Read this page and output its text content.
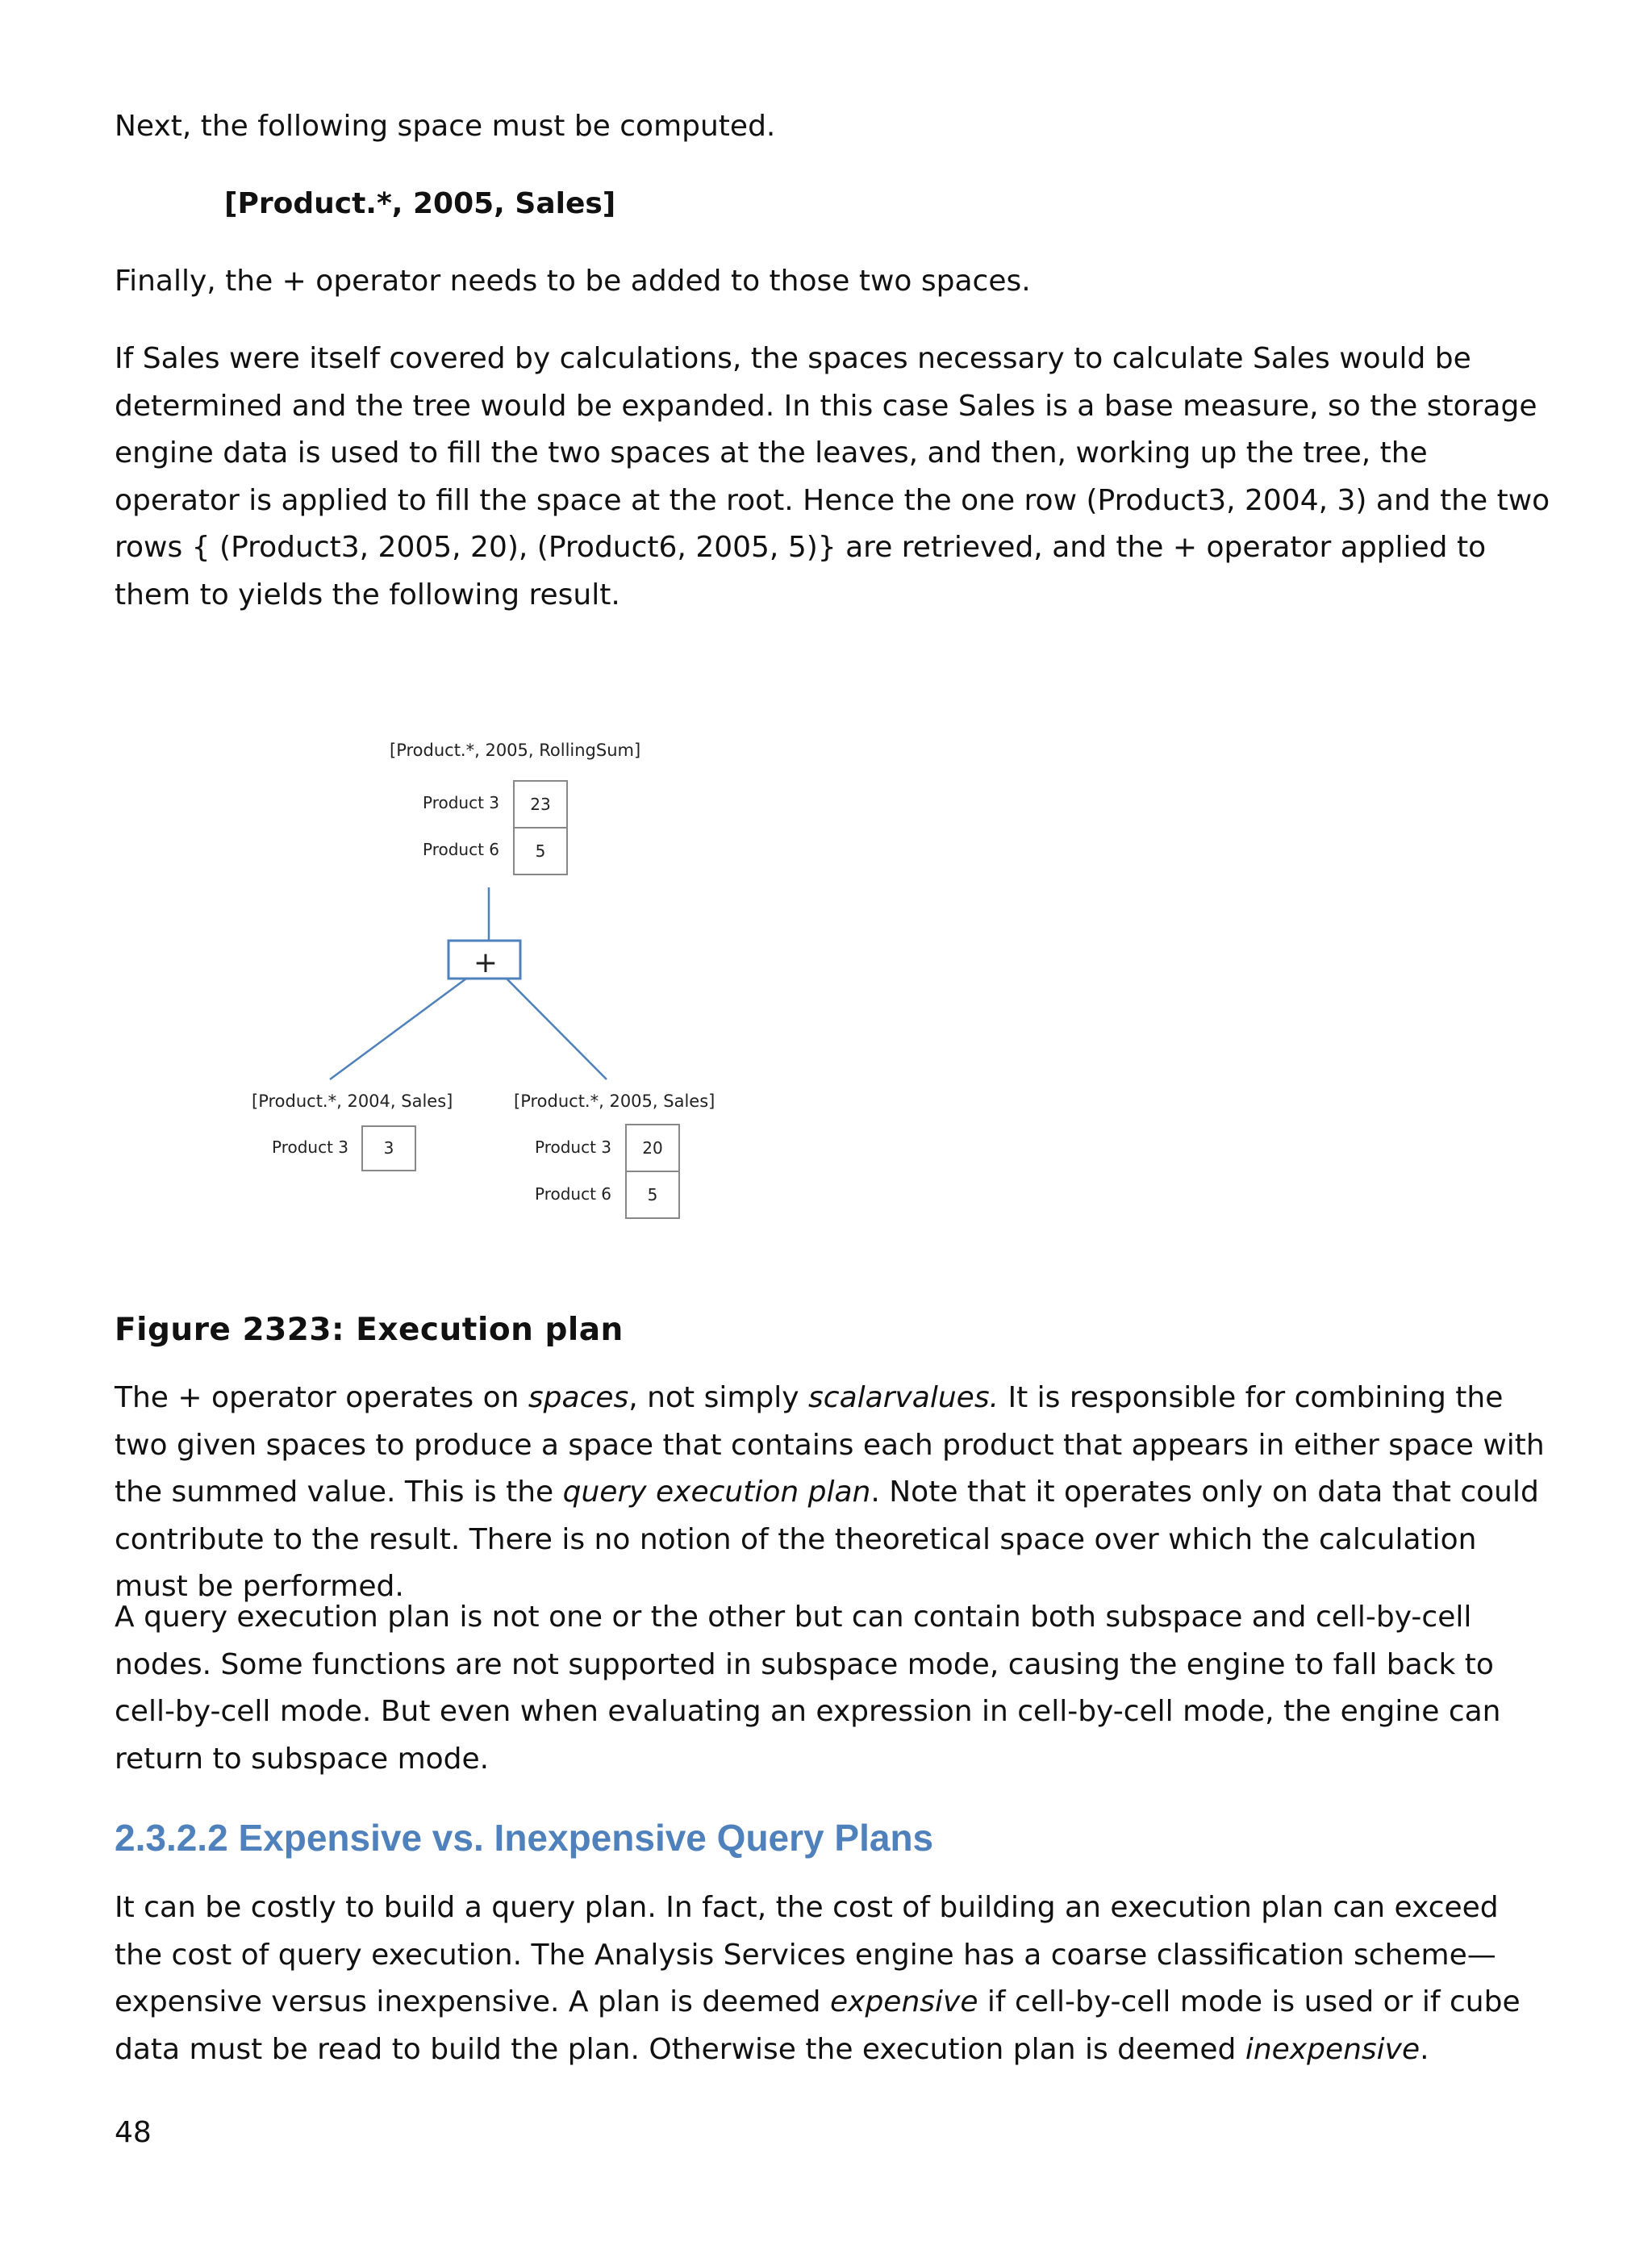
Next, the following space must be computed.

[Product.*, 2005, Sales]

Finally, the + operator needs to be added to those two spaces.

If Sales were itself covered by calculations, the spaces necessary to calculate Sales would be determined and the tree would be expanded. In this case Sales is a base measure, so the storage engine data is used to fill the two spaces at the leaves, and then, working up the tree, the operator is applied to fill the space at the root. Hence the one row (Product3, 2004, 3) and the two rows { (Product3, 2005, 20), (Product6, 2005, 5)} are retrieved, and the + operator applied to them to yields the following result.

[Product.*, 2005, RollingSum]
Product 3 23
Product 6 5
+
[Product.*, 2004, Sales]
Product 3 3
[Product.*, 2005, Sales]
Product 3 20
Product 6 5

Figure 2323: Execution plan

The + operator operates on spaces, not simply scalarvalues. It is responsible for combining the two given spaces to produce a space that contains each product that appears in either space with the summed value. This is the query execution plan. Note that it operates only on data that could contribute to the result. There is no notion of the theoretical space over which the calculation must be performed.

A query execution plan is not one or the other but can contain both subspace and cell-by-cell nodes. Some functions are not supported in subspace mode, causing the engine to fall back to cell-by-cell mode. But even when evaluating an expression in cell-by-cell mode, the engine can return to subspace mode.

2.3.2.2 Expensive vs. Inexpensive Query Plans

It can be costly to build a query plan. In fact, the cost of building an execution plan can exceed the cost of query execution. The Analysis Services engine has a coarse classification scheme—expensive versus inexpensive. A plan is deemed expensive if cell-by-cell mode is used or if cube data must be read to build the plan. Otherwise the execution plan is deemed inexpensive.

48
